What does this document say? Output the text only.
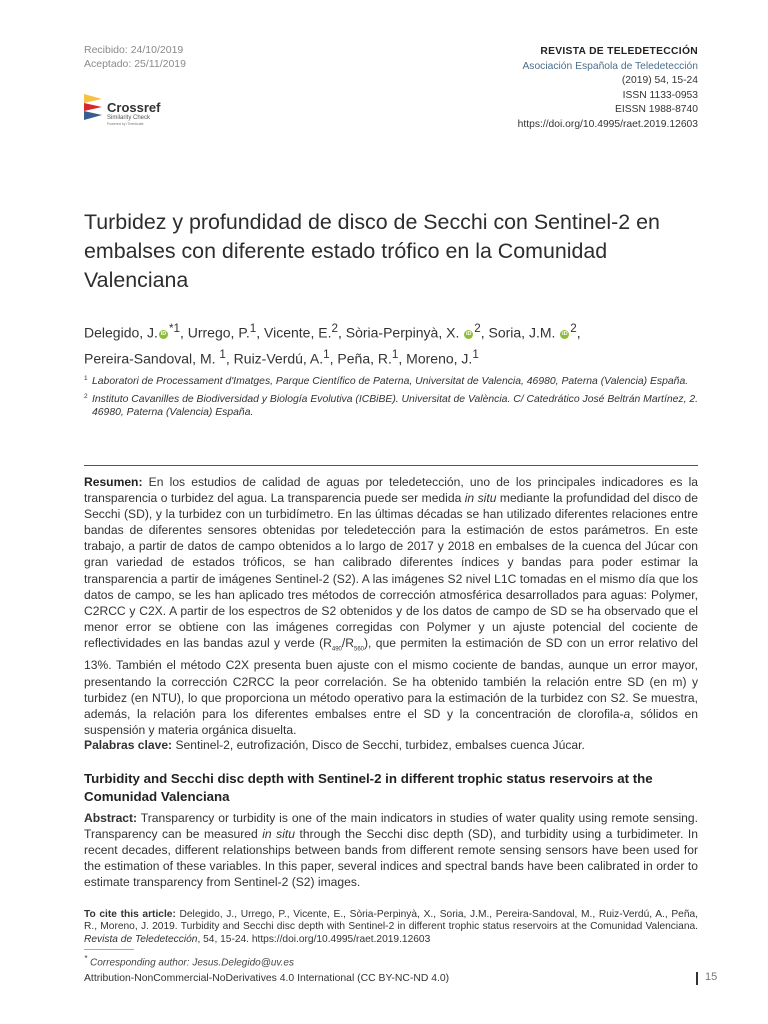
Recibido: 24/10/2019
Aceptado: 25/11/2019
Crossref
Similarity Check
Powered by iThenticate
REVISTA DE TELEDETECCIÓN
Asociación Española de Teledetección
(2019) 54, 15-24
ISSN 1133-0953
EISSN 1988-8740
https://doi.org/10.4995/raet.2019.12603
Turbidez y profundidad de disco de Secchi con Sentinel-2 en embalses con diferente estado trófico en la Comunidad Valenciana
Delegido, J. iD $^{*1}$, Urrego, P.$^1$, Vicente, E.$^2$, Sòria-Perpinyà, X. iD $^2$, Soria, J.M. iD $^2$,
Pereira-Sandoval, M. $^1$, Ruiz-Verdú, A.$^1$, Peña, R.$^1$, Moreno, J.$^1$
1 Laboratori de Processament d'Imatges, Parque Científico de Paterna, Universitat de Valencia, 46980, Paterna (Valencia) España.
2 Instituto Cavanilles de Biodiversidad y Biología Evolutiva (ICBiBE). Universitat de València. C/ Catedrático José Beltrán Martínez, 2. 46980, Paterna (Valencia) España.
Resumen: En los estudios de calidad de aguas por teledetección, uno de los principales indicadores es la transparencia o turbidez del agua. La transparencia puede ser medida in situ mediante la profundidad del disco de Secchi (SD), y la turbidez con un turbidímetro. En las últimas décadas se han utilizado diferentes relaciones entre bandas de diferentes sensores obtenidas por teledetección para la estimación de estos parámetros. En este trabajo, a partir de datos de campo obtenidos a lo largo de 2017 y 2018 en embalses de la cuenca del Júcar con gran variedad de estados tróficos, se han calibrado diferentes índices y bandas para poder estimar la transparencia a partir de imágenes Sentinel-2 (S2). A las imágenes S2 nivel L1C tomadas en el mismo día que los datos de campo, se les han aplicado tres métodos de corrección atmosférica desarrollados para aguas: Polymer, C2RCC y C2X. A partir de los espectros de S2 obtenidos y de los datos de campo de SD se ha observado que el menor error se obtiene con las imágenes corregidas con Polymer y un ajuste potencial del cociente de reflectividades en las bandas azul y verde $(R_{490}/R_{560})$, que permiten la estimación de SD con un error relativo del 13%. También el método C2X presenta buen ajuste con el mismo cociente de bandas, aunque un error mayor, presentando la corrección C2RCC la peor correlación. Se ha obtenido también la relación entre SD (en m) y turbidez (en NTU), lo que proporciona un método operativo para la estimación de la turbidez con S2. Se muestra, además, la relación para los diferentes embalses entre el SD y la concentración de clorofila-a, sólidos en suspensión y materia orgánica disuelta.
Palabras clave: Sentinel-2, eutrofización, Disco de Secchi, turbidez, embalses cuenca Júcar.
Turbidity and Secchi disc depth with Sentinel-2 in different trophic status reservoirs at the Comunidad Valenciana
Abstract: Transparency or turbidity is one of the main indicators in studies of water quality using remote sensing. Transparency can be measured in situ through the Secchi disc depth (SD), and turbidity using a turbidimeter. In recent decades, different relationships between bands from different remote sensing sensors have been used for the estimation of these variables. In this paper, several indices and spectral bands have been calibrated in order to estimate transparency from Sentinel-2 (S2) images.
To cite this article: Delegido, J., Urrego, P., Vicente, E., Sòria-Perpinyà, X., Soria, J.M., Pereira-Sandoval, M., Ruiz-Verdú, A., Peña, R., Moreno, J. 2019. Turbidity and Secchi disc depth with Sentinel-2 in different trophic status reservoirs at the Comunidad Valenciana. Revista de Teledetección, 54, 15-24. https://doi.org/10.4995/raet.2019.12603
* Corresponding author: Jesus.Delegido@uv.es
Attribution-NonCommercial-NoDerivatives 4.0 International (CC BY-NC-ND 4.0)	15
